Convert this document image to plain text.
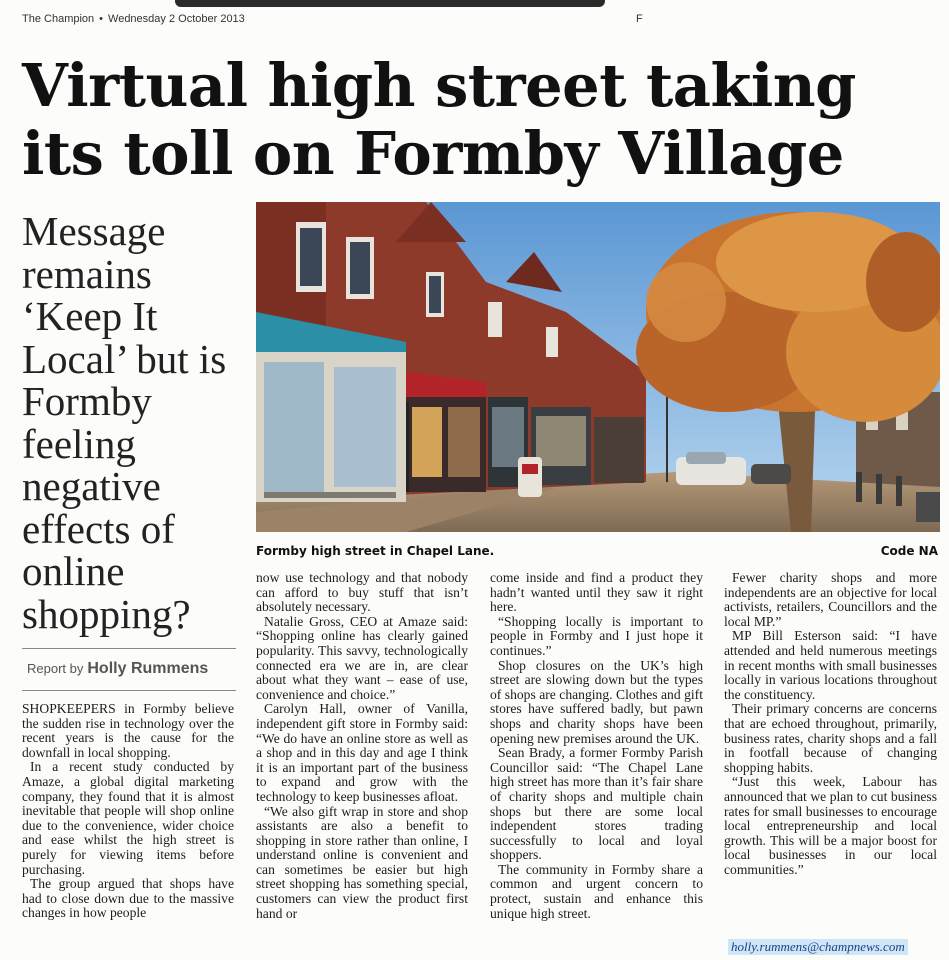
The Champion • Wednesday 2 October 2013	F
Virtual high street taking
its toll on Formby Village

Message remains ‘Keep It Local’ but is Formby feeling negative effects of online shopping?

Report by Holly Rummens
Formby high street in Chapel Lane.	Code NA

SHOPKEEPERS in Formby believe the sudden rise in technology over the recent years is the cause for the downfall in local shopping.

In a recent study conducted by Amaze, a global digital marketing company, they found that it is almost inevitable that people will shop online due to the convenience, wider choice and ease whilst the high street is purely for viewing items before purchasing.

The group argued that shops have had to close down due to the massive changes in how people

now use technology and that nobody can afford to buy stuff that isn’t absolutely necessary.

Natalie Gross, CEO at Amaze said: “Shopping online has clearly gained popularity. This savvy, technologically connected era we are in, are clear about what they want – ease of use, convenience and choice.”

Carolyn Hall, owner of Vanilla, independent gift store in Formby said: “We do have an online store as well as a shop and in this day and age I think it is an important part of the business to expand and grow with the technology to keep businesses afloat.

“We also gift wrap in store and shop assistants are also a benefit to shopping in store rather than online, I understand online is convenient and can sometimes be easier but high street shopping has something special, customers can view the product first hand or

come inside and find a product they hadn’t wanted until they saw it right here.

“Shopping locally is important to people in Formby and I just hope it continues.”

Shop closures on the UK’s high street are slowing down but the types of shops are changing. Clothes and gift stores have suffered badly, but pawn shops and charity shops have been opening new premises around the UK.

Sean Brady, a former Formby Parish Councillor said: “The Chapel Lane high street has more than it’s fair share of charity shops and multiple chain shops but there are some local independent stores trading successfully to local and loyal shoppers.

The community in Formby share a common and urgent concern to protect, sustain and enhance this unique high street.

Fewer charity shops and more independents are an objective for local activists, retailers, Councillors and the local MP.”

MP Bill Esterson said: “I have attended and held numerous meetings in recent months with small businesses locally in various locations throughout the constituency.

Their primary concerns are concerns that are echoed throughout, primarily, business rates, charity shops and a fall in footfall because of changing shopping habits.

“Just this week, Labour has announced that we plan to cut business rates for small businesses to encourage local entrepreneurship and local growth. This will be a major boost for local businesses in our local communities.”

holly.rummens@champnews.com
